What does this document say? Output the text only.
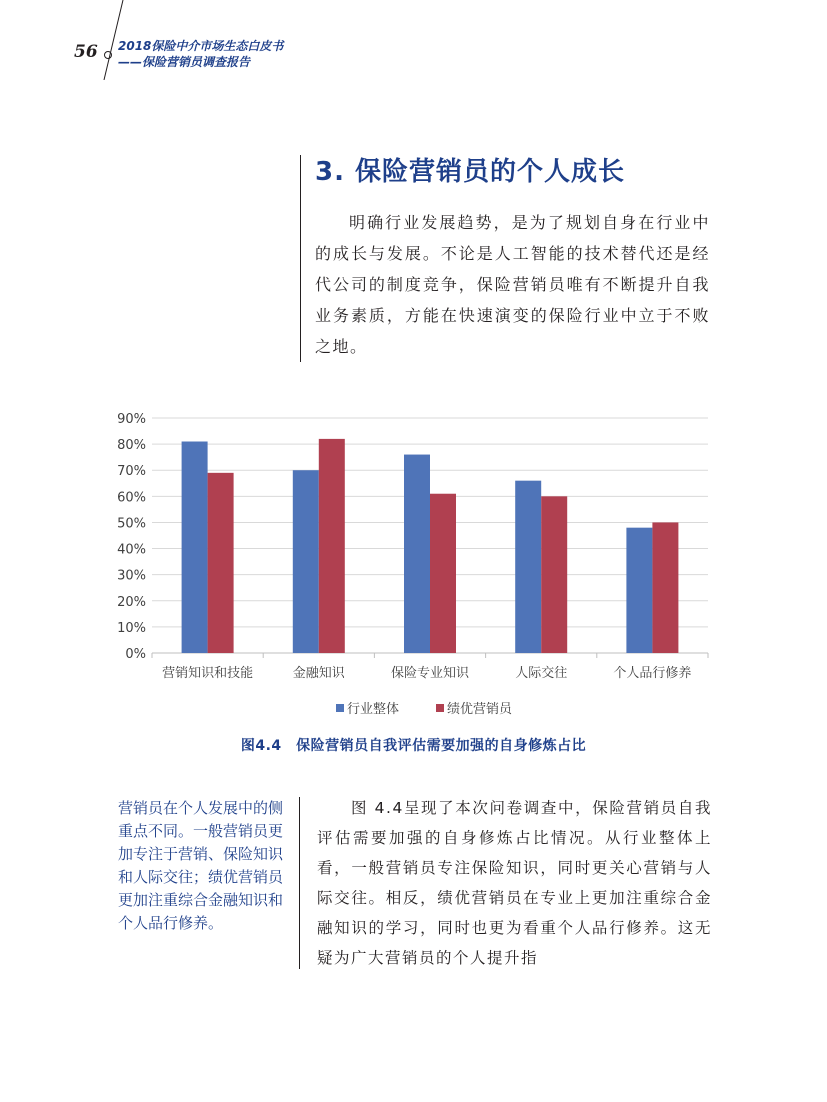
56 2018保险中介市场生态白皮书
——保险营销员调查报告
3. 保险营销员的个人成长

明确行业发展趋势，是为了规划自身在行业中的成长与发展。不论是人工智能的技术替代还是经代公司的制度竞争，保险营销员唯有不断提升自我业务素质，方能在快速演变的保险行业中立于不败之地。

0%
10%
20%
30%
40%
50%
60%
70%
80%
90%
营销知识和技能	金融知识	保险专业知识	人际交往	个人品行修养
行业整体	绩优营销员
图4.4　保险营销员自我评估需要加强的自身修炼占比
营销员在个人发展中的侧重点不同。一般营销员更加专注于营销、保险知识和人际交往；绩优营销员更加注重综合金融知识和个人品行修养。
图 4.4呈现了本次问卷调查中，保险营销员自我评估需要加强的自身修炼占比情况。从行业整体上看，一般营销员专注保险知识，同时更关心营销与人际交往。相反，绩优营销员在专业上更加注重综合金融知识的学习，同时也更为看重个人品行修养。这无疑为广大营销员的个人提升指
